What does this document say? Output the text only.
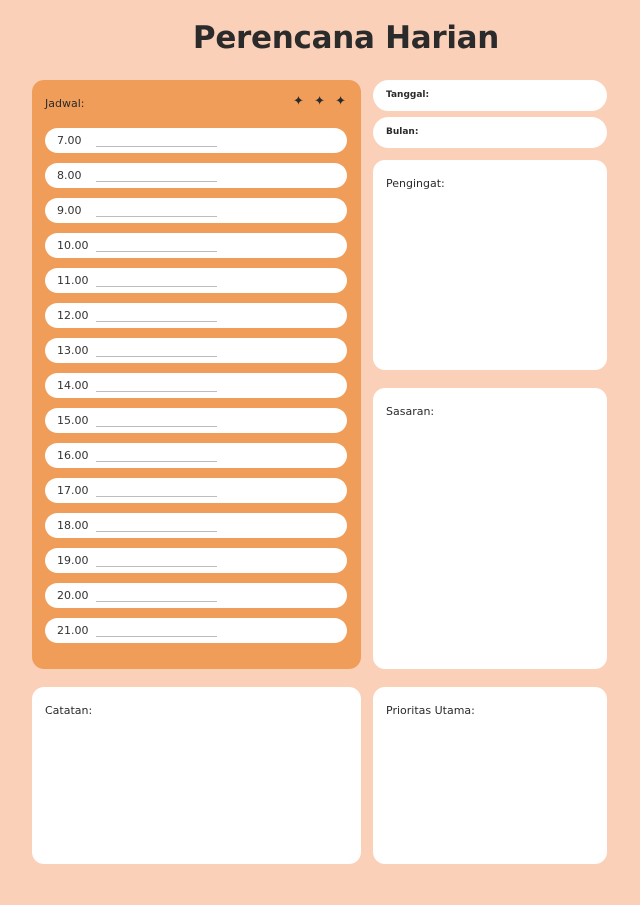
Perencana Harian
Jadwal:	✦ ✦ ✦
7.00
8.00
9.00
10.00
11.00
12.00
13.00
14.00
15.00
16.00
17.00
18.00
19.00
20.00
21.00
Tanggal:
Bulan:
Pengingat:
Sasaran:
Catatan:	Prioritas Utama:
